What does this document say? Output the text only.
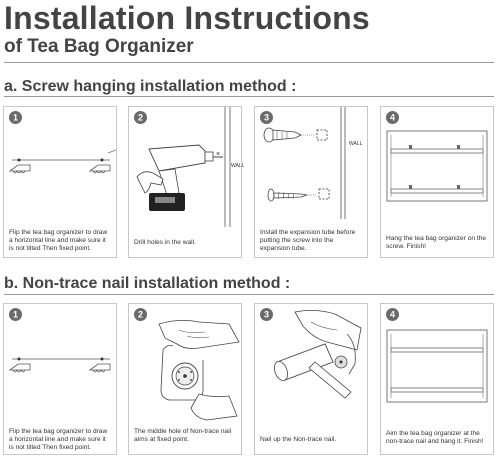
Installation Instructions
of Tea Bag Organizer
a. Screw hanging installation method :
1
Flip the tea bag organizer to draw a horizontal line and make sure it is not tilted Then fixed point.
×
WALL
2
Drill holes in the wall.
WALL
3
Install the expansion tube before putting the screw into the expansion tube.
4
Hang the tea bag organizer on the screw. Finish!
b. Non-trace nail installation method :
1
Flip the tea bag organizer to draw a horizontal line and make sure it is not tilted Then fixed point.
2
The middle hole of Non-trace nail aims at fixed point.
3
Nail up the Non-trace nail.
4
Aim the tea bag organizer at the non-trace nail and hang it. Finish!
